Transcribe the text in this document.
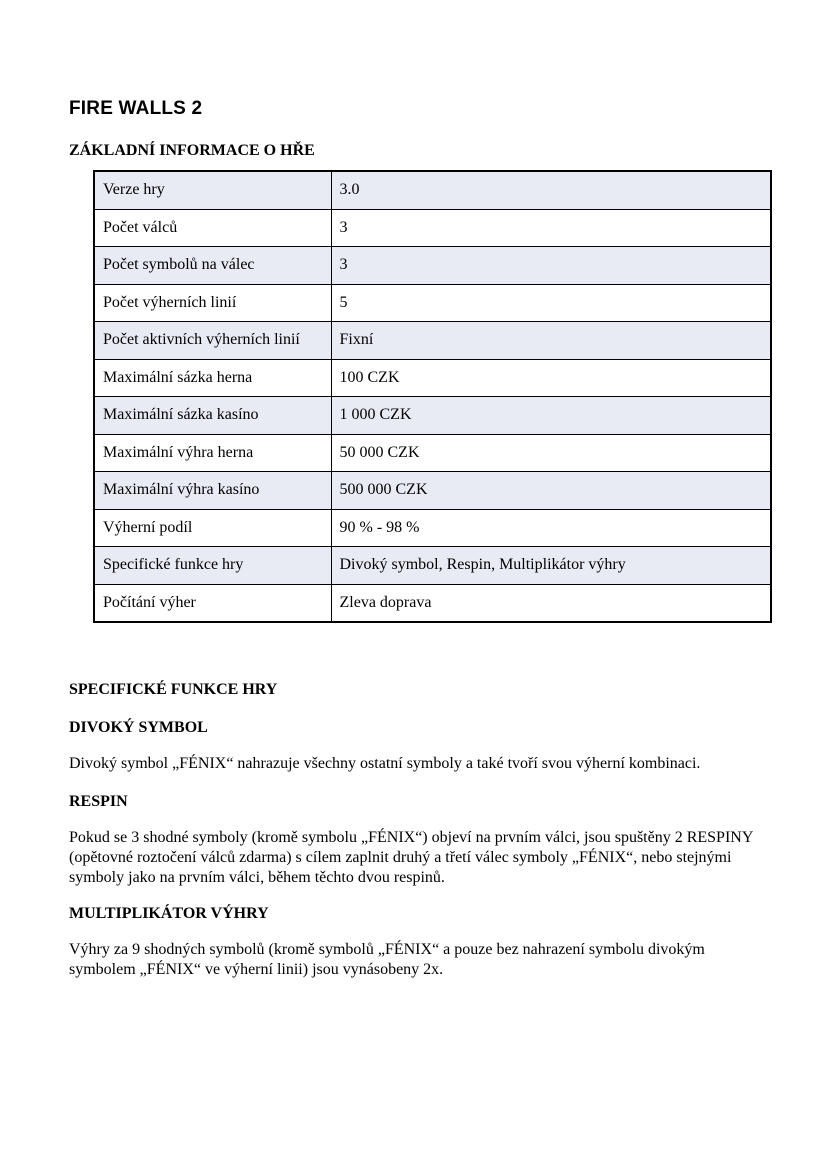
FIRE WALLS 2
ZÁKLADNÍ INFORMACE O HŘE
Verze hry	3.0
Počet válců	3
Počet symbolů na válec	3
Počet výherních linií	5
Počet aktivních výherních linií	Fixní
Maximální sázka herna	100 CZK
Maximální sázka kasíno	1 000 CZK
Maximální výhra herna	50 000 CZK
Maximální výhra kasíno	500 000 CZK
Výherní podíl	90 % - 98 %
Specifické funkce hry	Divoký symbol, Respin, Multiplikátor výhry
Počítání výher	Zleva doprava
SPECIFICKÉ FUNKCE HRY
DIVOKÝ SYMBOL

Divoký symbol „FÉNIX“ nahrazuje všechny ostatní symboly a také tvoří svou výherní kombinaci.

RESPIN

Pokud se 3 shodné symboly (kromě symbolu „FÉNIX“) objeví na prvním válci, jsou spuštěny 2 RESPINY (opětovné roztočení válců zdarma) s cílem zaplnit druhý a třetí válec symboly „FÉNIX“, nebo stejnými symboly jako na prvním válci, během těchto dvou respinů.

MULTIPLIKÁTOR VÝHRY

Výhry za 9 shodných symbolů (kromě symbolů „FÉNIX“ a pouze bez nahrazení symbolu divokým symbolem „FÉNIX“ ve výherní linii) jsou vynásobeny 2x.
